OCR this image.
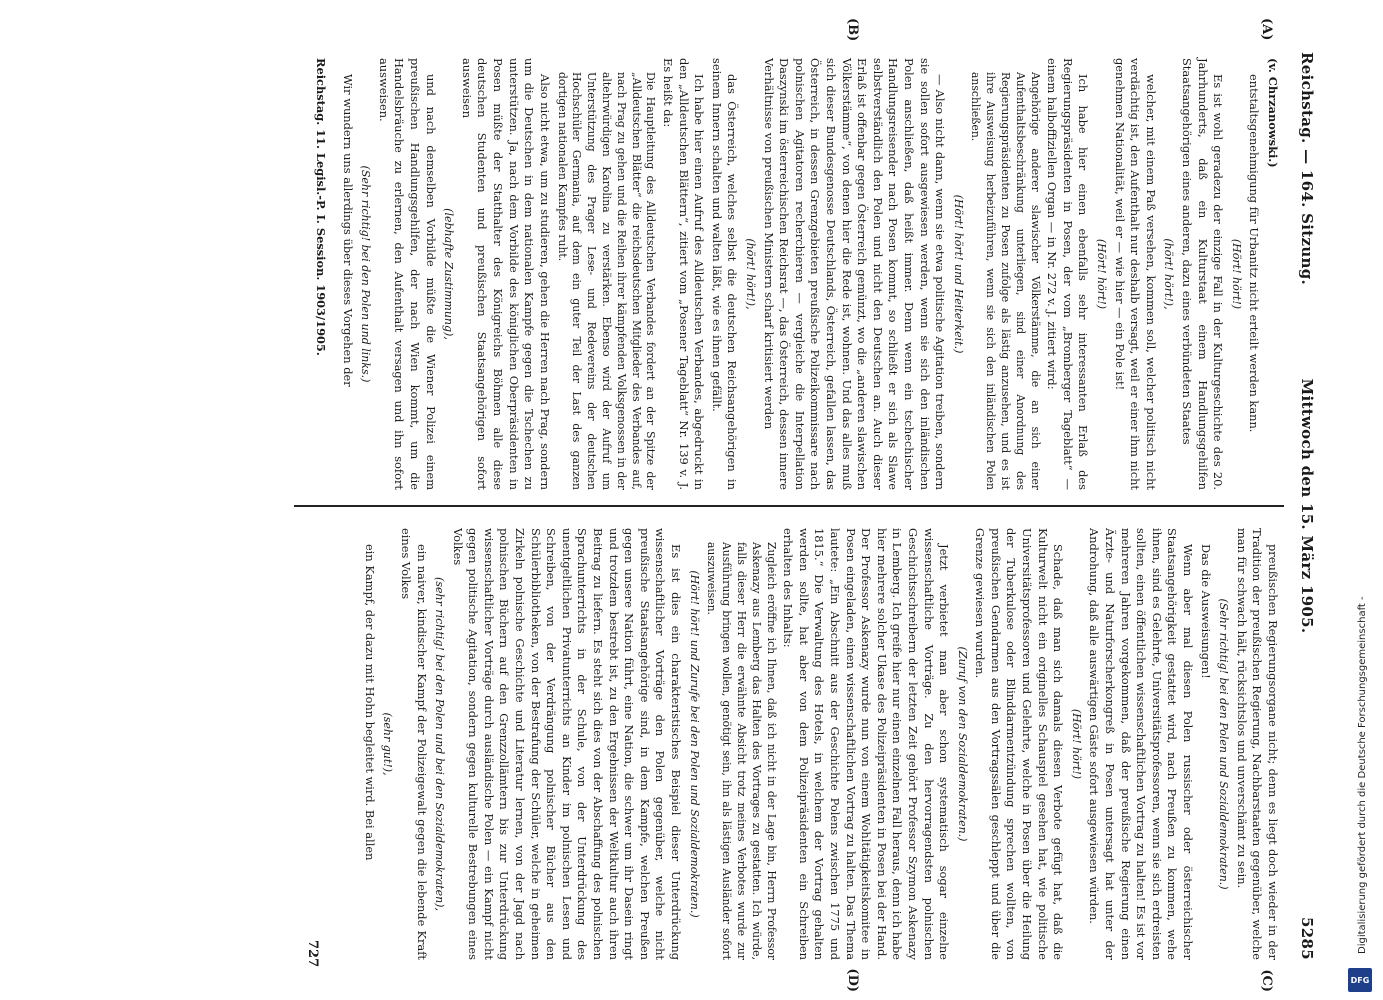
Reichstag. — 164. Sitzung.
Mittwoch den 15. März 1905.
5285
(A)
(B)
(C)
(D)
(v. Chrzanowski.)
entstaltsgenehmigung für Urbanitz nicht erteilt werden kann.
(Hört! hört!)
Es ist wohl geradezu der einzige Fall in der Kulturgeschichte des 20. Jahrhunderts, daß ein Kulturstaat einem Handlungsgehilfen Staatsangehörigen eines anderen, dazu eines verbündeten Staates
(hört! hört!),
welcher, mit einem Paß versehen, kommen soll, welcher politisch nicht verdächtig ist, den Aufenthalt nur deshalb versagt, weil er einer ihm nicht genehmen Nationalität, weil er — wie hier — ein Pole ist!
(Hört! hört!)
Ich habe hier einen ebenfalls sehr interessanten Erlaß des Regierungspräsidenten in Posen, der vom „Bromberger Tageblatt“ — einem halboffiziellen Organ — in Nr. 272 v. J. zitiert wird:
Angehörige anderer slawischer Völkerstämme, die an sich einer Aufenthaltsbeschränkung unterliegen, sind einer Anordnung des Regierungspräsidenten zu Posen zufolge als lästig anzusehen, und es ist ihre Ausweisung herbeizuführen, wenn sie sich den inländischen Polen anschließen.
(Hört! hört! und Heiterkeit.)
— Also nicht dann, wenn sie etwa politische Agitation treiben, sondern sie sollen sofort ausgewiesen werden, wenn sie sich den inländischen Polen anschließen, daß heißt immer. Denn wenn ein tschechischer Handlungsreisender nach Posen kommt, so schließt er sich als Slawe selbstverständlich den Polen und nicht den Deutschen an. Auch dieser Erlaß ist offenbar gegen Österreich gemünzt, wo die „anderen slawischen Völkerstämme“, von denen hier die Rede ist, wohnen. Und das alles muß sich dieser Bundesgenosse Deutschlands, Österreich, gefallen lassen, das Österreich, in dessen Grenzgebieten preußische Polizeikommissare nach polnischen Agitatoren recherchieren — vergleiche die Interpellation Daszynski im österreichischen Reichsrat —, das Österreich, dessen innere Verhältnisse von preußischen Ministern scharf kritisiert werden
(hört! hört!),
das Österreich, welches selbst die deutschen Reichsangehörigen in seinem Innern schalten und walten läßt, wie es ihnen gefällt.
Ich habe hier einen Aufruf des Alldeutschen Verbandes, abgedruckt in den „Alldeutschen Blättern“, zitiert vom „Posener Tageblatt“ Nr. 139 v. J. Es heißt da:
Die Hauptleitung des Alldeutschen Verbandes fordert an der Spitze der „Alldeutschen Blätter“ die reichsdeutschen Mitglieder des Verbandes auf, nach Prag zu gehen und die Reihen ihrer kämpfenden Volksgenossen in der altehrwürdigen Karolina zu verstärken. Ebenso wird der Aufruf um Unterstützung des Prager Lese- und Redevereins der deutschen Hochschüler Germania, auf dem ein guter Teil der Last des ganzen dortigen nationalen Kampfes ruht.
Also nicht etwa, um zu studieren, gehen die Herren nach Prag, sondern um die Deutschen in dem nationalen Kampfe gegen die Tschechen zu unterstützen. Ja, nach dem Vorbilde des königlichen Oberpräsidenten in Posen müßte der Statthalter des Königreichs Böhmen alle diese deutschen Studenten und preußischen Staatsangehörigen sofort ausweisen
(lebhafte Zustimmung),
und nach demselben Vorbilde müßte die Wiener Polizei einem preußischen Handlungsgehilfen, der nach Wien kommt, um die Handelsbräuche zu erlernen, den Aufenthalt versagen und ihn sofort ausweisen.
(Sehr richtig! bei den Polen und links.)
Wir wundern uns allerdings über dieses Vorgehen der
preußischen Regierungsorgane nicht; denn es liegt doch wieder in der Tradition der preußischen Regierung, Nachbarstaaten gegenüber, welche man für schwach hält, rücksichtslos und unverschämt zu sein.
(Sehr richtig! bei den Polen und Sozialdemokraten.)
Das die Ausweisungen!
Wenn aber mal diesen Polen russischer oder österreichischer Staatsangehörigkeit gestattet wird, nach Preußen zu kommen, wehe ihnen, sind es Gelehrte, Universitätsprofessoren, wenn sie sich erdreisten sollten, einen öffentlichen wissenschaftlichen Vortrag zu halten! Es ist vor mehreren Jahren vorgekommen, daß der preußische Regierung einen Ärzte- und Naturforscherkongreß in Posen untersagt hat unter der Androhung, daß alle auswärtigen Gäste sofort ausgewiesen würden.
(Hört! hört!)
Schade, daß man sich damals diesen Verbote gefügt hat, daß die Kulturwelt nicht ein originelles Schauspiel gesehen hat, wie politische Universitätsprofessoren und Gelehrte, welche in Posen über die Heilung der Tuberkulose oder Blinddarmentzündung sprechen wollten, von preußischen Gendarmen aus den Vortragssälen geschleppt und über die Grenze gewiesen wurden.
(Zuruf von den Sozialdemokraten.)
Jetzt verbietet man aber schon systematisch sogar einzelne wissenschaftliche Vorträge. Zu den hervorragendsten polnischen Geschichtsschreibern der letzten Zeit gehört Professor Szymon Askenazy in Lemberg. Ich greife hier nur einen einzelnen Fall heraus, denn ich habe hier mehrere solcher Ukase des Polizeipräsidenten in Posen bei der Hand. Der Professor Askenazy wurde nun von einem Wohltätigkeitskomitee in Posen eingeladen, einen wissenschaftlichen Vortrag zu halten. Das Thema lautete: „Ein Abschnitt aus der Geschichte Polens zwischen 1775 und 1815.“ Die Verwaltung des Hotels, in welchem der Vortrag gehalten werden sollte, hat aber von dem Polizeipräsidenten ein Schreiben erhalten des Inhalts:
Zugleich eröffne ich Ihnen, daß ich nicht in der Lage bin, Herrn Professor Askenazy aus Lemberg das Halten des Vortrages zu gestatten. Ich würde, falls dieser Herr die erwähnte Absicht trotz meines Verbotes wurde zur Ausführung bringen wollen, genötigt sein, ihn als lästigen Ausländer sofort auszuweisen.
(Hört! hört! und Zurufe bei den Polen und Sozialdemokraten.)
Es ist dies ein charakteristisches Beispiel dieser Unterdrückung wissenschaftlicher Vorträge den Polen gegenüber, welche nicht preußische Staatsangehörige sind, in dem Kampfe, welchen Preußen gegen unsere Nation führt, eine Nation, die schwer um ihr Dasein ringt und trotzdem bestrebt ist, zu den Ergebnissen der Weltkultur auch ihren Beitrag zu liefern. Es steht sich dies von der Abschaffung des polnischen Sprachunterrichts in der Schule, von der Unterdrückung des unentgeltlichen Privatunterrichts an Kinder im polnischen Lesen und Schreiben, von der Verdrängung polnischer Bücher aus den Schülerbibliotheken, von der Bestrafung der Schüler, welche in geheimen Zirkeln polnische Geschichte und Literatur lernen, von der Jagd nach polnischen Büchern auf den Grenzzollämtern bis zur Unterdrückung wissenschaftlicher Vorträge durch ausländische Polen — ein Kampf nicht gegen politische Agitation, sondern gegen kulturelle Bestrebungen eines Volkes
(sehr richtig! bei den Polen und bei den Sozialdemokraten),
ein naiver, kindischer Kampf der Polizeigewalt gegen die lebende Kraft eines Volkes
(sehr gut!),
ein Kampf, der dazu mit Hohn begleitet wird. Bei allen
Reichstag. 11. Legisl.-P. I. Session. 1903/1905.
727	Digitalisierung gefördert durch die Deutsche Forschungsgemeinschaft -
DFG
